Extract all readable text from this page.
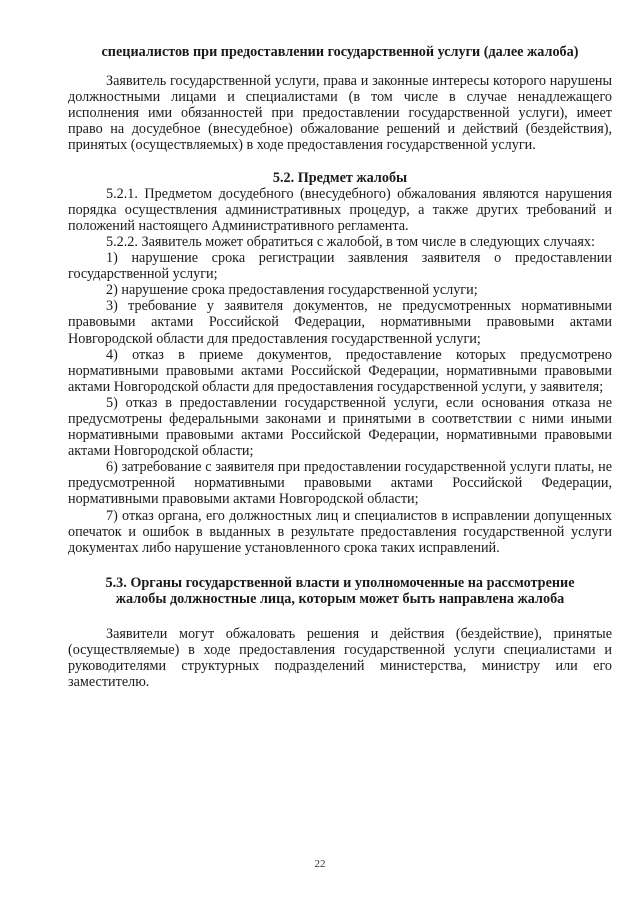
специалистов при предоставлении государственной услуги (далее жалоба)

Заявитель государственной услуги, права и законные интересы которого нарушены должностными лицами и специалистами (в том числе в случае ненадлежащего исполнения ими обязанностей при предоставлении государственной услуги), имеет право на досудебное (внесудебное) обжалование решений и действий (бездействия), принятых (осуществляемых) в ходе предоставления государственной услуги.

5.2. Предмет жалобы

5.2.1. Предметом досудебного (внесудебного) обжалования являются нарушения порядка осуществления административных процедур, а также других требований и положений настоящего Административного регламента.

5.2.2. Заявитель может обратиться с жалобой, в том числе в следующих случаях:

1) нарушение срока регистрации заявления заявителя о предоставлении государственной услуги;

2) нарушение срока предоставления государственной услуги;

3) требование у заявителя документов, не предусмотренных нормативными правовыми актами Российской Федерации, нормативными правовыми актами Новгородской области для предоставления государственной услуги;

4) отказ в приеме документов, предоставление которых предусмотрено нормативными правовыми актами Российской Федерации, нормативными правовыми актами Новгородской области для предоставления государственной услуги, у заявителя;

5) отказ в предоставлении государственной услуги, если основания отказа не предусмотрены федеральными законами и принятыми в соответствии с ними иными нормативными правовыми актами Российской Федерации, нормативными правовыми актами Новгородской области;

6) затребование с заявителя при предоставлении государственной услуги платы, не предусмотренной нормативными правовыми актами Российской Федерации, нормативными правовыми актами Новгородской области;

7) отказ органа, его должностных лиц и специалистов в исправлении допущенных опечаток и ошибок в выданных в результате предоставления государственной услуги документах либо нарушение установленного срока таких исправлений.

5.3. Органы государственной власти и уполномоченные на рассмотрение
жалобы должностные лица, которым может быть направлена жалоба

Заявители могут обжаловать решения и действия (бездействие), принятые (осуществляемые) в ходе предоставления государственной услуги специалистами и руководителями структурных подразделений министерства, министру или его заместителю.

22
